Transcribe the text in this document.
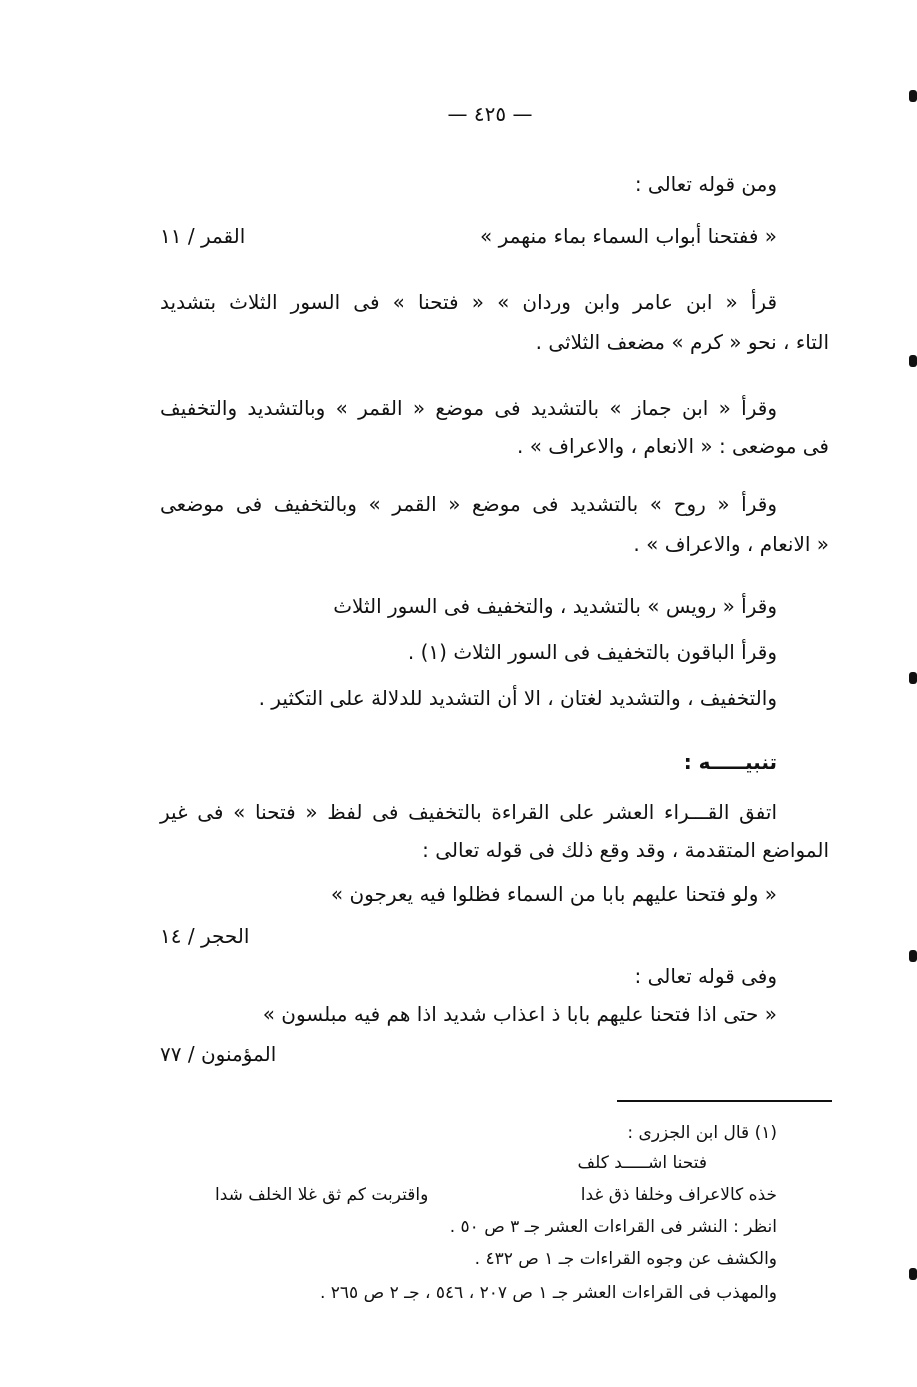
— ٤٢٥ —
ومن قوله تعالى :
« ففتحنا أبواب السماء بماء منهمر »
القمر / ١١
قرأ « ابن عامر وابن وردان » « فتحنا » فى السور الثلاث بتشديد
التاء ، نحو « كرم » مضعف الثلاثى .
وقرأ « ابن جماز » بالتشديد فى موضع « القمر » وبالتشديد والتخفيف
فى موضعى : « الانعام ، والاعراف » .
وقرأ « روح » بالتشديد فى موضع « القمر » وبالتخفيف فى موضعى
« الانعام ، والاعراف » .
وقرأ « رويس » بالتشديد ، والتخفيف فى السور الثلاث
وقرأ الباقون بالتخفيف فى السور الثلاث (١) .
والتخفيف ، والتشديد لغتان ، الا أن التشديد للدلالة على التكثير .
تنبيـــــه :
اتفق القـــراء العشر على القراءة بالتخفيف فى لفظ « فتحنا » فى غير
المواضع المتقدمة ، وقد وقع ذلك فى قوله تعالى :
« ولو فتحنا عليهم بابا من السماء فظلوا فيه يعرجون »
الحجر / ١٤
وفى قوله تعالى :
« حتى اذا فتحنا عليهم بابا ذ اعذاب شديد اذا هم فيه مبلسون »
المؤمنون / ٧٧
(١) قال ابن الجزرى :
فتحنا اشـــــد كلف
خذه كالاعراف وخلفا ذق غدا
واقتربت كم ثق غلا الخلف شدا
انظر : النشر فى القراءات العشر جـ ٣ ص ٥٠ .
والكشف عن وجوه القراءات جـ ١ ص ٤٣٢ .
والمهذب فى القراءات العشر جـ ١ ص ٢٠٧ ، ٥٤٦ ، جـ ٢ ص ٢٦٥ .
